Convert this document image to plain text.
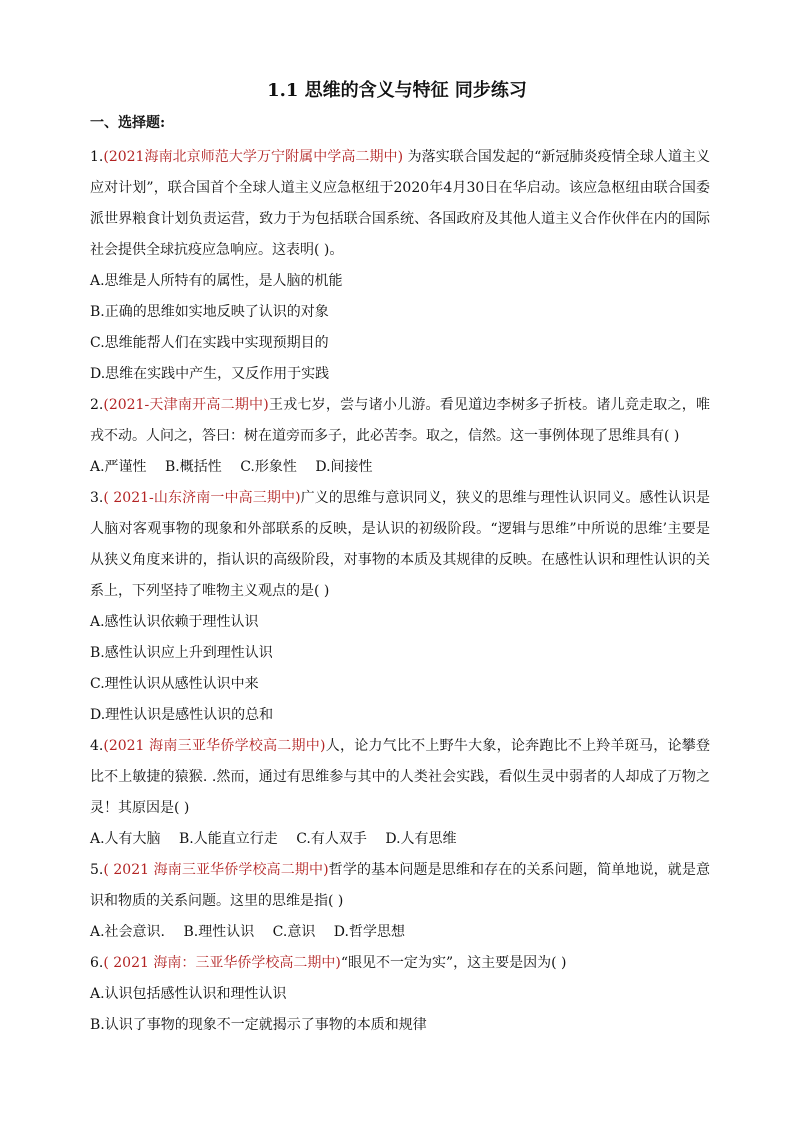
1.1 思维的含义与特征 同步练习
一、选择题:
1.(2021海南北京师范大学万宁附属中学高二期中) 为落实联合国发起的“新冠肺炎疫情全球人道主义应对计划”，联合国首个全球人道主义应急枢纽于2020年4月30日在华启动。该应急枢纽由联合国委派世界粮食计划负责运营，致力于为包括联合国系统、各国政府及其他人道主义合作伙伴在内的国际社会提供全球抗疫应急响应。这表明( )。
A.思维是人所特有的属性，是人脑的机能
B.正确的思维如实地反映了认识的对象
C.思维能帮人们在实践中实现预期目的
D.思维在实践中产生，又反作用于实践
2.(2021-天津南开高二期中)王戎七岁，尝与诸小儿游。看见道边李树多子折枝。诸儿竞走取之，唯戎不动。人问之，答曰：树在道旁而多子，此必苦李。取之，信然。这一事例体现了思维具有( )
A.严谨性 B.概括性 C.形象性 D.间接性
3.( 2021-山东济南一中高三期中)广义的思维与意识同义，狭义的思维与理性认识同义。感性认识是人脑对客观事物的现象和外部联系的反映，是认识的初级阶段。“逻辑与思维”中所说的思维’主要是从狭义角度来讲的，指认识的高级阶段，对事物的本质及其规律的反映。在感性认识和理性认识的关系上，下列坚持了唯物主义观点的是( )
A.感性认识依赖于理性认识
B.感性认识应上升到理性认识
C.理性认识从感性认识中来
D.理性认识是感性认识的总和
4.(2021 海南三亚华侨学校高二期中)人，论力气比不上野牛大象，论奔跑比不上羚羊斑马，论攀登比不上敏捷的猿猴. .然而，通过有思维参与其中的人类社会实践，看似生灵中弱者的人却成了万物之灵！其原因是( )
A.人有大脑 B.人能直立行走 C.有人双手 D.人有思维
5.( 2021 海南三亚华侨学校高二期中)哲学的基本问题是思维和存在的关系问题，简单地说，就是意识和物质的关系问题。这里的思维是指( )
A.社会意识. B.理性认识 C.意识 D.哲学思想
6.( 2021 海南：三亚华侨学校高二期中)“眼见不一定为实”，这主要是因为( )
A.认识包括感性认识和理性认识
B.认识了事物的现象不一定就揭示了事物的本质和规律
